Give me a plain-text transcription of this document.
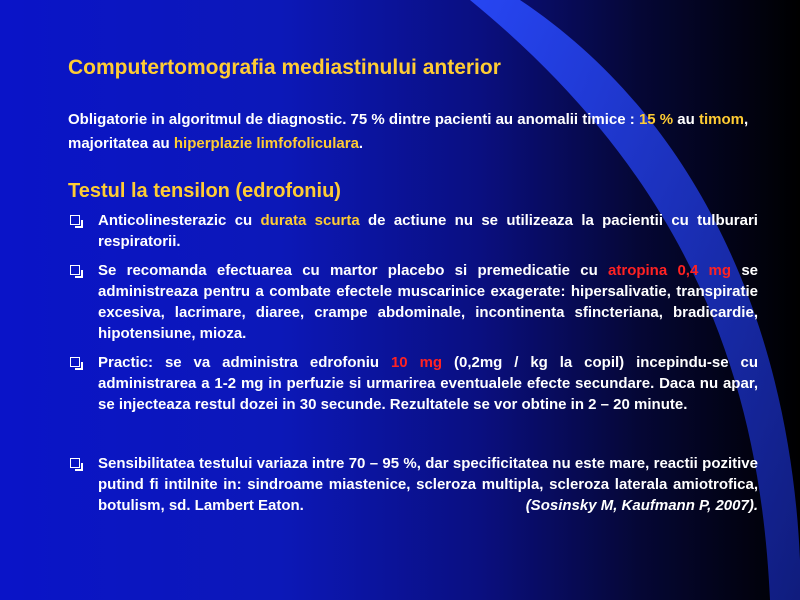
Computertomografia mediastinului anterior
Obligatorie in algoritmul de diagnostic. 75 % dintre pacienti au anomalii timice : 15 % au timom, majoritatea au hiperplazie limfofoliculara.
Testul la tensilon (edrofoniu)
Anticolinesterazic cu durata scurta de actiune nu se utilizeaza la pacientii cu tulburari respiratorii.
Se recomanda efectuarea cu martor placebo si premedicatie cu atropina 0,4 mg se administreaza pentru a combate efectele muscarinice exagerate: hipersalivatie, transpiratie excesiva, lacrimare, diaree, crampe abdominale, incontinenta sfincteriana, bradicardie, hipotensiune, mioza.
Practic: se va administra edrofoniu 10 mg (0,2mg / kg la copil) incepindu-se cu administrarea a 1-2 mg in perfuzie si urmarirea eventualele efecte secundare. Daca nu apar, se injecteaza restul dozei in 30 secunde. Rezultatele se vor obtine in 2 – 20 minute.
Sensibilitatea testului variaza intre 70 – 95 %, dar specificitatea nu este mare, reactii pozitive putind fi intilnite in: sindroame miastenice, scleroza multipla, scleroza laterala amiotrofica, botulism, sd. Lambert Eaton.	(Sosinsky M, Kaufmann P, 2007).
